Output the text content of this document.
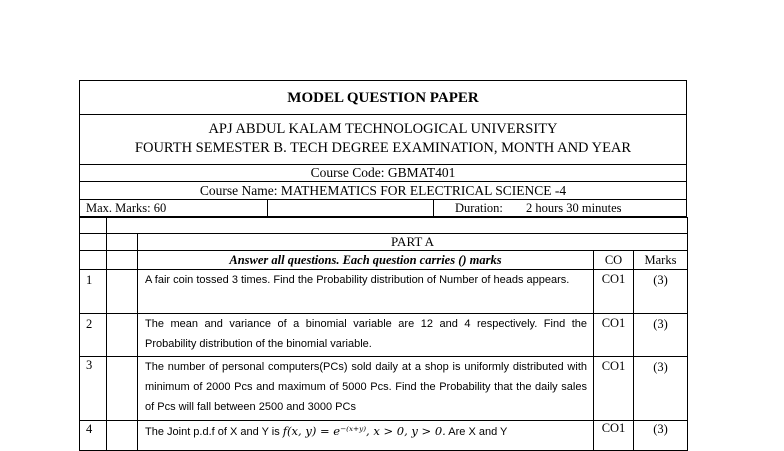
MODEL QUESTION PAPER
APJ ABDUL KALAM TECHNOLOGICAL UNIVERSITY
FOURTH SEMESTER B. TECH DEGREE EXAMINATION, MONTH AND YEAR
Course Code: GBMAT401
Course Name: MATHEMATICS FOR ELECTRICAL SCIENCE -4
Max. Marks: 60	Duration: 2 hours 30 minutes

		PART A		
		Answer all questions. Each question carries () marks	CO	Marks
1		A fair coin tossed 3 times. Find the Probability distribution of Number of heads appears.	CO1	(3)
2		The mean and variance of a binomial variable are 12 and 4 respectively. Find the Probability distribution of the binomial variable.	CO1	(3)
3		The number of personal computers(PCs) sold daily at a shop is uniformly distributed with minimum of 2000 Pcs and maximum of 5000 Pcs. Find the Probability that the daily sales of Pcs will fall between 2500 and 3000 PCs	CO1	(3)
4		The Joint p.d.f of X and Y is f(x, y) = e⁻⁽ˣ⁺ʸ⁾, x > 0, y > 0. Are X and Y	CO1	(3)
